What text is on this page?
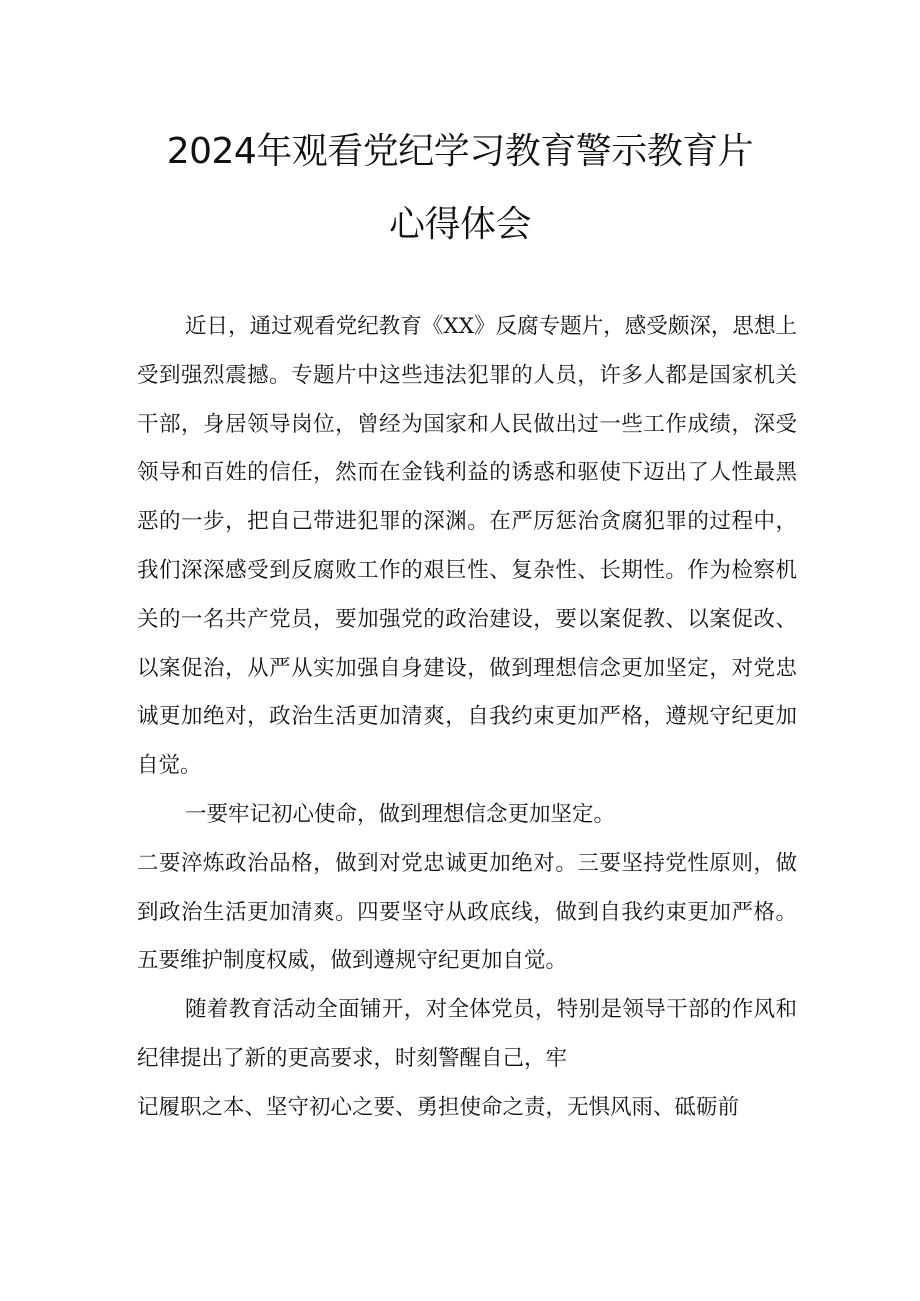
2024年观看党纪学习教育警示教育片
心得体会

近日，通过观看党纪教育《XX》反腐专题片，感受颇深，思想上受到强烈震撼。专题片中这些违法犯罪的人员，许多人都是国家机关干部，身居领导岗位，曾经为国家和人民做出过一些工作成绩，深受领导和百姓的信任，然而在金钱利益的诱惑和驱使下迈出了人性最黑恶的一步，把自己带进犯罪的深渊。在严厉惩治贪腐犯罪的过程中，我们深深感受到反腐败工作的艰巨性、复杂性、长期性。作为检察机关的一名共产党员，要加强党的政治建设，要以案促教、以案促改、以案促治，从严从实加强自身建设，做到理想信念更加坚定，对党忠诚更加绝对，政治生活更加清爽，自我约束更加严格，遵规守纪更加自觉。

一要牢记初心使命，做到理想信念更加坚定。

二要淬炼政治品格，做到对党忠诚更加绝对。三要坚持党性原则，做到政治生活更加清爽。四要坚守从政底线，做到自我约束更加严格。五要维护制度权威，做到遵规守纪更加自觉。

随着教育活动全面铺开，对全体党员，特别是领导干部的作风和纪律提出了新的更高要求，时刻警醒自己，牢

记履职之本、坚守初心之要、勇担使命之责，无惧风雨、砥砺前
